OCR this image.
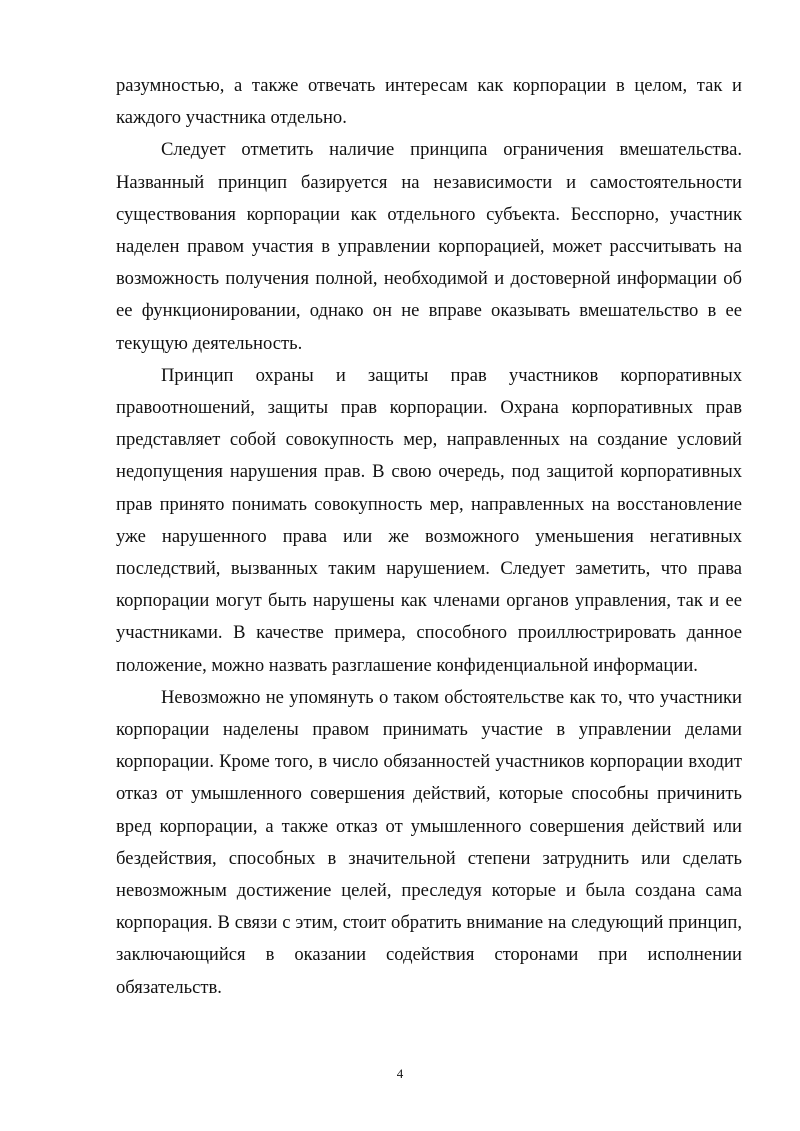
разумностью, а также отвечать интересам как корпорации в целом, так и каждого участника отдельно.

Следует отметить наличие принципа ограничения вмешательства. Названный принцип базируется на независимости и самостоятельности существования корпорации как отдельного субъекта. Бесспорно, участник наделен правом участия в управлении корпорацией, может рассчитывать на возможность получения полной, необходимой и достоверной информации об ее функционировании, однако он не вправе оказывать вмешательство в ее текущую деятельность.

Принцип охраны и защиты прав участников корпоративных правоотношений, защиты прав корпорации. Охрана корпоративных прав представляет собой совокупность мер, направленных на создание условий недопущения нарушения прав. В свою очередь, под защитой корпоративных прав принято понимать совокупность мер, направленных на восстановление уже нарушенного права или же возможного уменьшения негативных последствий, вызванных таким нарушением. Следует заметить, что права корпорации могут быть нарушены как членами органов управления, так и ее участниками. В качестве примера, способного проиллюстрировать данное положение, можно назвать разглашение конфиденциальной информации.

Невозможно не упомянуть о таком обстоятельстве как то, что участники корпорации наделены правом принимать участие в управлении делами корпорации. Кроме того, в число обязанностей участников корпорации входит отказ от умышленного совершения действий, которые способны причинить вред корпорации, а также отказ от умышленного совершения действий или бездействия, способных в значительной степени затруднить или сделать невозможным достижение целей, преследуя которые и была создана сама корпорация. В связи с этим, стоит обратить внимание на следующий принцип, заключающийся в оказании содействия сторонами при исполнении обязательств.

4
